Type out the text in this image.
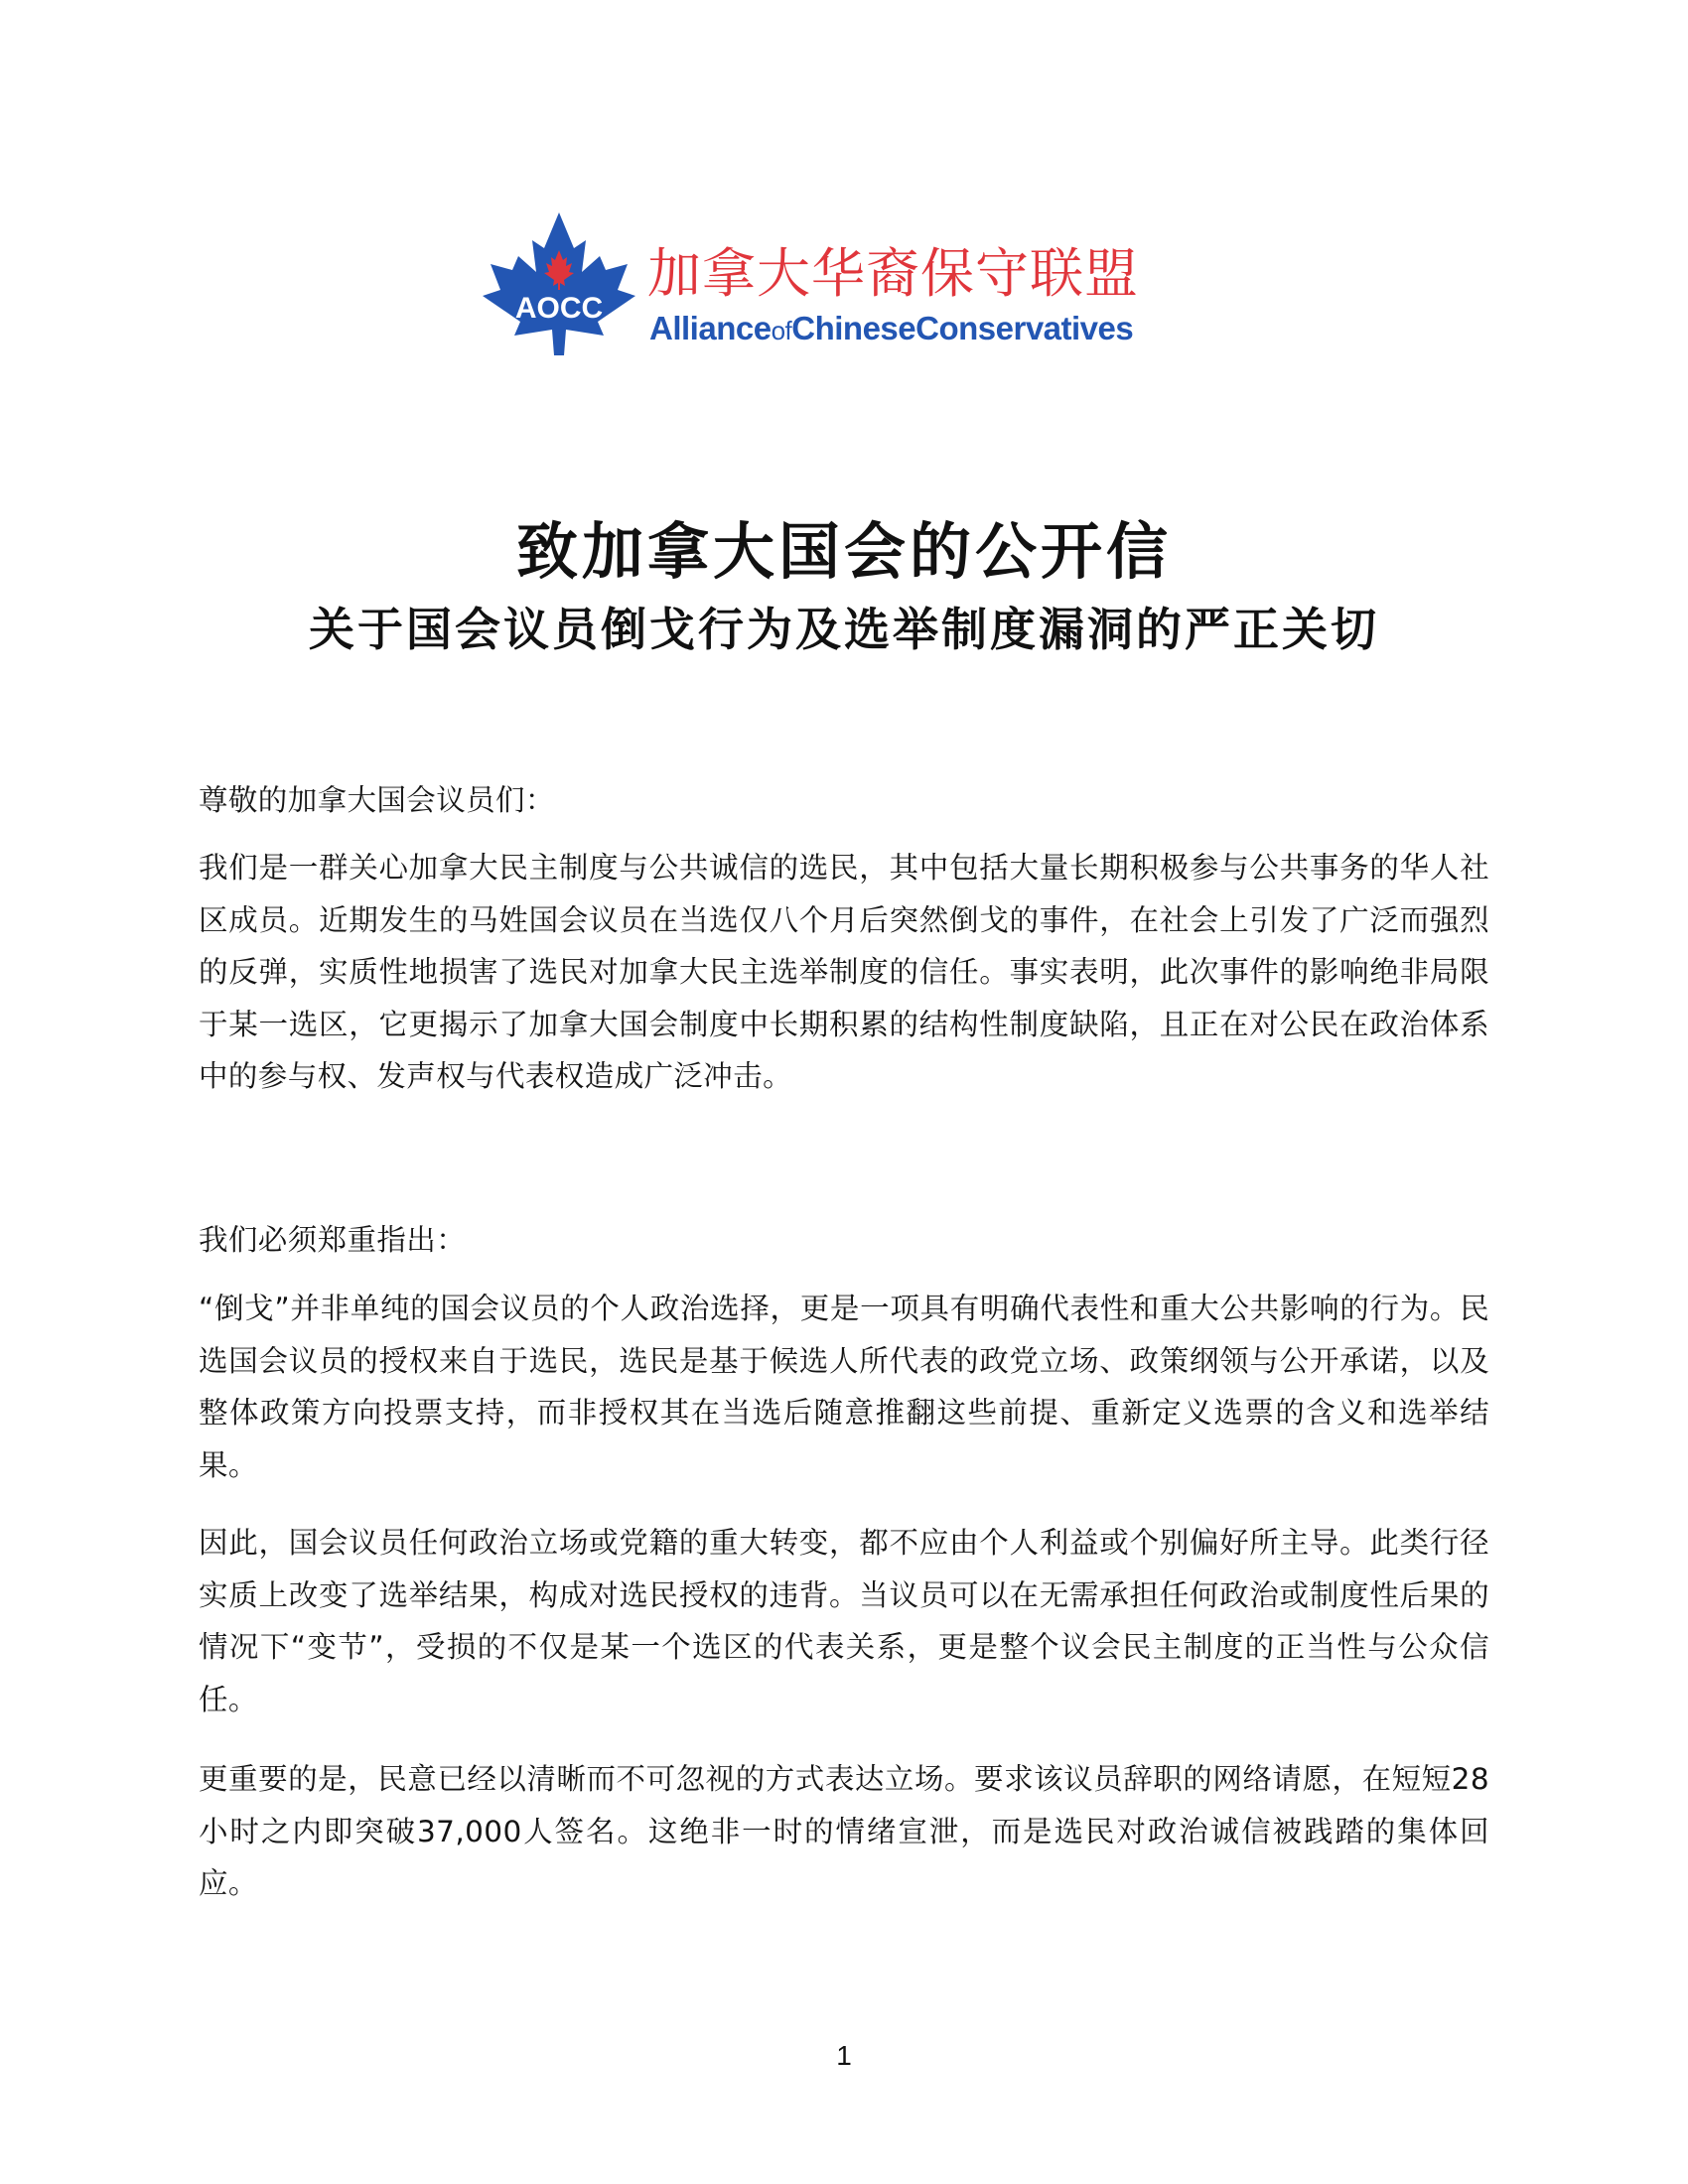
AOCC
加拿大华裔保守联盟
AllianceofChineseConservatives
致加拿大国会的公开信
关于国会议员倒戈行为及选举制度漏洞的严正关切
尊敬的加拿大国会议员们：
我们是一群关心加拿大民主制度与公共诚信的选民，其中包括大量长期积极参与公共事务的华人社区成员。近期发生的马姓国会议员在当选仅八个月后突然倒戈的事件，在社会上引发了广泛而强烈的反弹，实质性地损害了选民对加拿大民主选举制度的信任。事实表明，此次事件的影响绝非局限于某一选区，它更揭示了加拿大国会制度中长期积累的结构性制度缺陷，且正在对公民在政治体系中的参与权、发声权与代表权造成广泛冲击。
我们必须郑重指出：
“倒戈”并非单纯的国会议员的个人政治选择，更是一项具有明确代表性和重大公共影响的行为。民选国会议员的授权来自于选民，选民是基于候选人所代表的政党立场、政策纲领与公开承诺，以及整体政策方向投票支持，而非授权其在当选后随意推翻这些前提、重新定义选票的含义和选举结果。
因此，国会议员任何政治立场或党籍的重大转变，都不应由个人利益或个别偏好所主导。此类行径实质上改变了选举结果，构成对选民授权的违背。当议员可以在无需承担任何政治或制度性后果的情况下“变节”，受损的不仅是某一个选区的代表关系，更是整个议会民主制度的正当性与公众信任。
更重要的是，民意已经以清晰而不可忽视的方式表达立场。要求该议员辞职的网络请愿，在短短28小时之内即突破37,000人签名。这绝非一时的情绪宣泄，而是选民对政治诚信被践踏的集体回应。
1
